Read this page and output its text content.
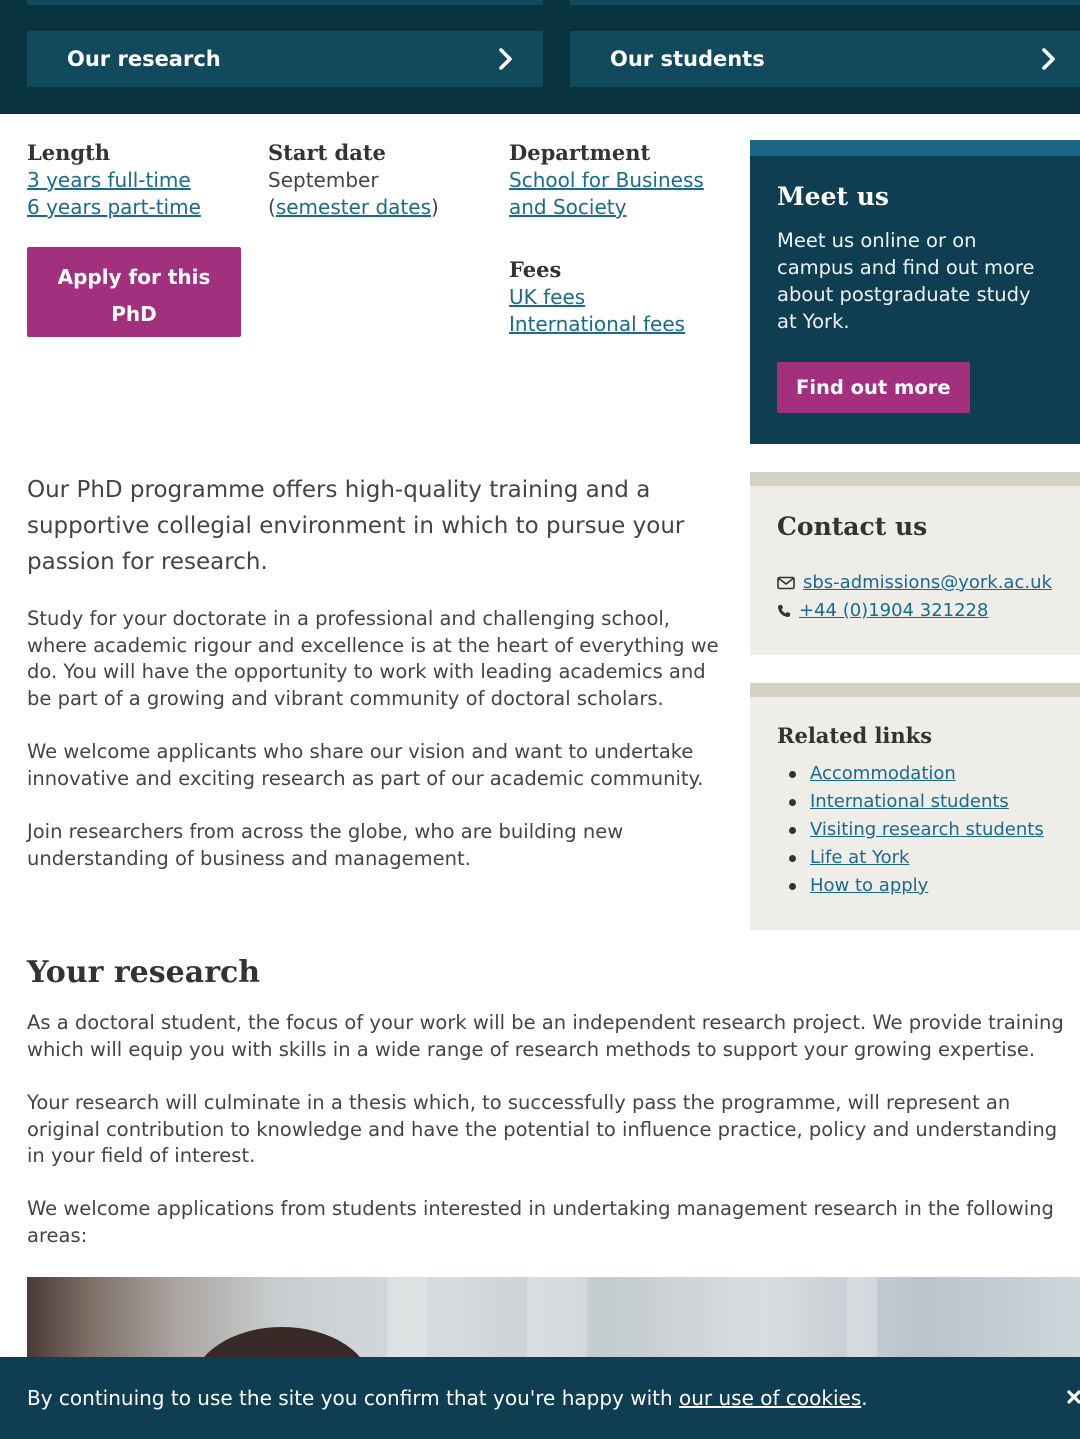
Our research	Our students
Length
3 years full-time
6 years part-time
Start date
September
(semester dates)
Department
School for Business
and Society
Fees
UK fees
International fees
Apply for this
PhD
Meet us

Meet us online or on campus and find out more about postgraduate study at York.

Find out more
Contact us
sbs-admissions@york.ac.uk
+44 (0)1904 321228
Related links
Accommodation
International students
Visiting research students
Life at York
How to apply

Our PhD programme offers high-quality training and a supportive collegial environment in which to pursue your passion for research.

Study for your doctorate in a professional and challenging school, where academic rigour and excellence is at the heart of everything we do. You will have the opportunity to work with leading academics and be part of a growing and vibrant community of doctoral scholars.

We welcome applicants who share our vision and want to undertake innovative and exciting research as part of our academic community.

Join researchers from across the globe, who are building new understanding of business and management.

Your research

As a doctoral student, the focus of your work will be an independent research project. We provide training which will equip you with skills in a wide range of research methods to support your growing expertise.

Your research will culminate in a thesis which, to successfully pass the programme, will represent an original contribution to knowledge and have the potential to influence practice, policy and understanding in your field of interest.

We welcome applications from students interested in undertaking management research in the following areas:

By continuing to use the site you confirm that you're happy with our use of cookies.
